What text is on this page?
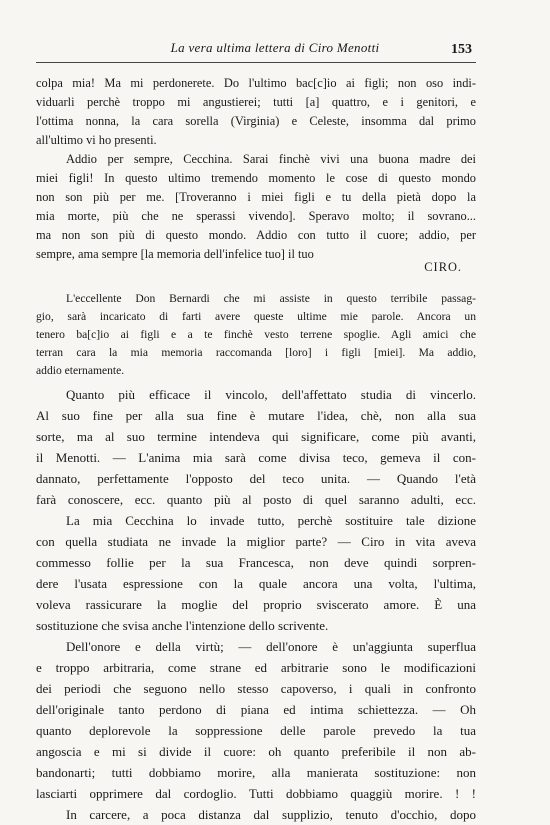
La vera ultima lettera di Ciro Menotti	153
colpa mia! Ma mi perdonerete. Do l'ultimo bac[c]io ai figli; non oso indi-
viduarli perchè troppo mi angustierei; tutti [a] quattro, e i genitori, e
l'ottima nonna, la cara sorella (Virginia) e Celeste, insomma dal primo
all'ultimo vi ho presenti.
Addio per sempre, Cecchina. Sarai finchè vivi una buona madre dei
miei figli! In questo ultimo tremendo momento le cose di questo mondo
non son più per me. [Troveranno i miei figli e tu della pietà dopo la
mia morte, più che ne sperassi vivendo]. Speravo molto; il sovrano...
ma non son più di questo mondo. Addio con tutto il cuore; addio, per
sempre, ama sempre [la memoria dell'infelice tuo] il tuo
CIRO.
L'eccellente Don Bernardi che mi assiste in questo terribile passag-
gio, sarà incaricato di farti avere queste ultime mie parole. Ancora un
tenero ba[c]io ai figli e a te finchè vesto terrene spoglie. Agli amici che
terran cara la mia memoria raccomanda [loro] i figli [miei]. Ma addio,
addio eternamente.
Quanto più efficace il vincolo, dell'affettato studia di vincerlo.
Al suo fine per alla sua fine è mutare l'idea, chè, non alla sua
sorte, ma al suo termine intendeva qui significare, come più avanti,
il Menotti. — L'anima mia sarà come divisa teco, gemeva il con-
dannato, perfettamente l'opposto del teco unita. — Quando l'età
farà conoscere, ecc. quanto più al posto di quel saranno adulti, ecc.
La mia Cecchina lo invade tutto, perchè sostituire tale dizione
con quella studiata ne invade la miglior parte? — Ciro in vita aveva
commesso follie per la sua Francesca, non deve quindi sorpren-
dere l'usata espressione con la quale ancora una volta, l'ultima,
voleva rassicurare la moglie del proprio sviscerato amore. È una
sostituzione che svisa anche l'intenzione dello scrivente.
Dell'onore e della virtù; — dell'onore è un'aggiunta superflua
e troppo arbitraria, come strane ed arbitrarie sono le modificazioni
dei periodi che seguono nello stesso capoverso, i quali in confronto
dell'originale tanto perdono di piana ed intima schiettezza. — Oh
quanto deplorevole la soppressione delle parole prevedo la tua
angoscia e mi si divide il cuore: oh quanto preferibile il non ab-
bandonarti; tutti dobbiamo morire, alla manierata sostituzione: non
lasciarti opprimere dal cordoglio. Tutti dobbiamo quaggiù morire. ! !
In carcere, a poca distanza dal supplizio, tenuto d'occhio, dopo
